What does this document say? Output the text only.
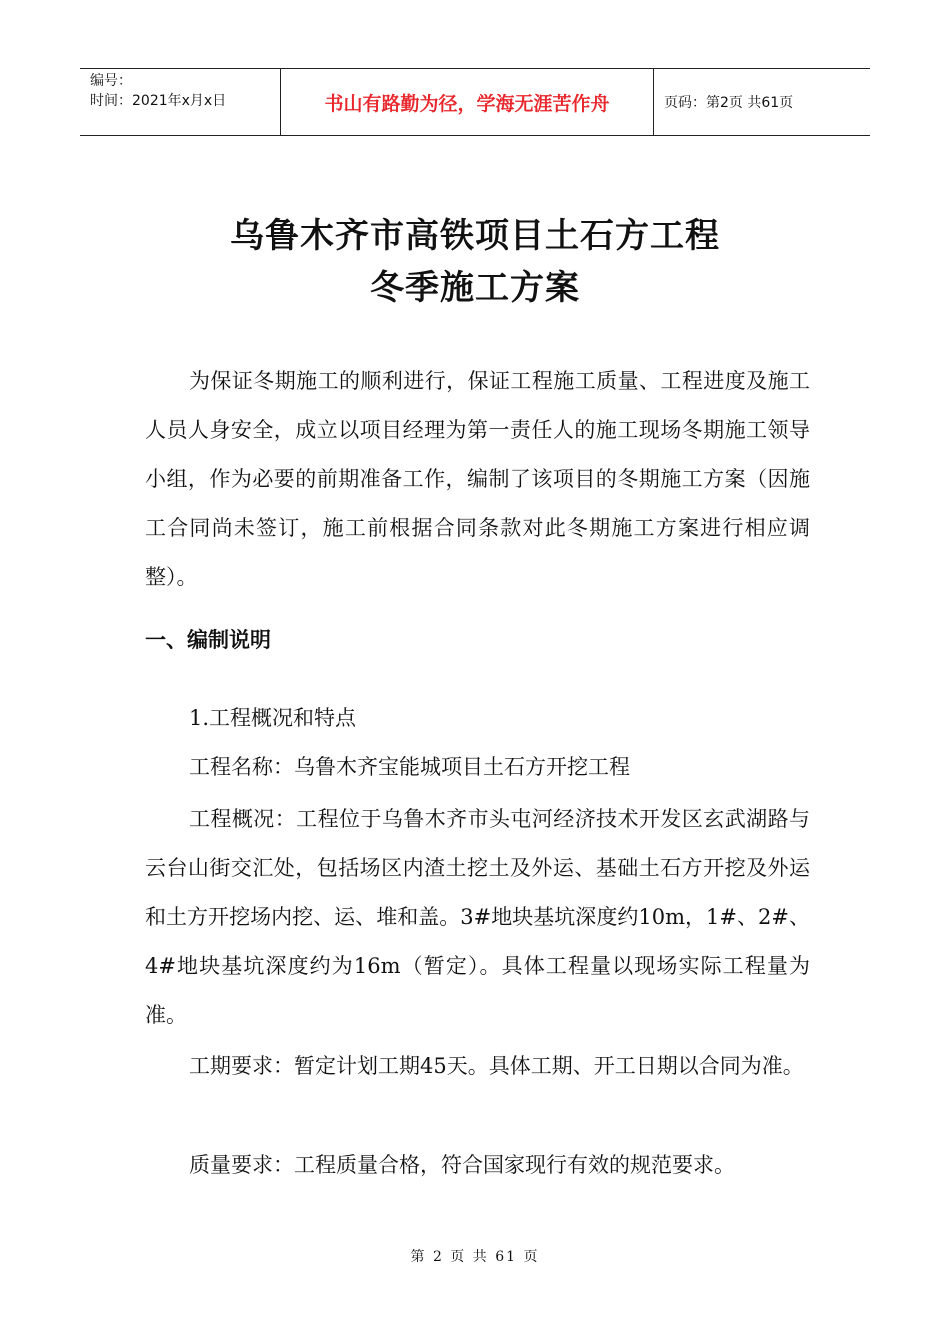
编号：
时间：2021年x月x日	书山有路勤为径，学海无涯苦作舟	页码：第2页 共61页
乌鲁木齐市高铁项目土石方工程
冬季施工方案

为保证冬期施工的顺利进行，保证工程施工质量、工程进度及施工人员人身安全，成立以项目经理为第一责任人的施工现场冬期施工领导小组，作为必要的前期准备工作，编制了该项目的冬期施工方案（因施工合同尚未签订，施工前根据合同条款对此冬期施工方案进行相应调整）。

一、编制说明

1.工程概况和特点

工程名称：乌鲁木齐宝能城项目土石方开挖工程

工程概况：工程位于乌鲁木齐市头屯河经济技术开发区玄武湖路与云台山街交汇处，包括场区内渣土挖土及外运、基础土石方开挖及外运和土方开挖场内挖、运、堆和盖。3#地块基坑深度约10m，1#、2#、4#地块基坑深度约为16m（暂定）。具体工程量以现场实际工程量为准。

工期要求：暂定计划工期45天。具体工期、开工日期以合同为准。

质量要求：工程质量合格，符合国家现行有效的规范要求。

第 2 页 共 61 页
